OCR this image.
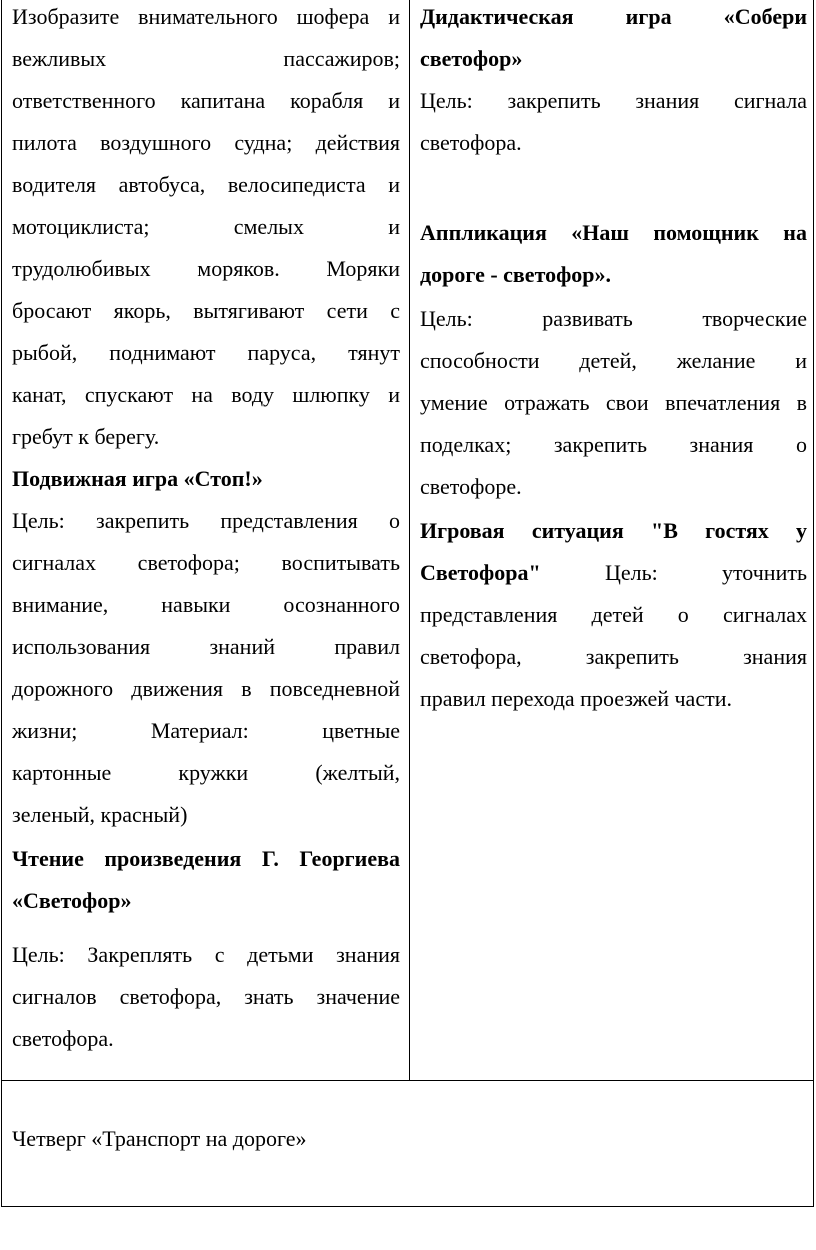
Изобразите внимательного шофера и

вежливых пассажиров;

ответственного капитана корабля и

пилота воздушного судна; действия

водителя автобуса, велосипедиста и

мотоциклиста; смелых и

трудолюбивых моряков. Моряки

бросают якорь, вытягивают сети с

рыбой, поднимают паруса, тянут

канат, спускают на воду шлюпку и

гребут к берегу.

Подвижная игра «Стоп!»

Цель: закрепить представления о

сигналах светофора; воспитывать

внимание, навыки осознанного

использования знаний правил

дорожного движения в повседневной

жизни; Материал: цветные

картонные кружки (желтый,

зеленый, красный)

Чтение произведения Г. Георгиева

«Светофор»

Цель: Закреплять с детьми знания

сигналов светофора, знать значение

светофора.

Дидактическая игра «Собери

светофор»

Цель: закрепить знания сигнала

светофора.

Аппликация «Наш помощник на

дороге - светофор».

Цель: развивать творческие

способности детей, желание и

умение отражать свои впечатления в

поделках; закрепить знания о

светофоре.

Игровая ситуация "В гостях у

Светофора" Цель: уточнить

представления детей о сигналах

светофора, закрепить знания

правил перехода проезжей части.

Четверг «Транспорт на дороге»
